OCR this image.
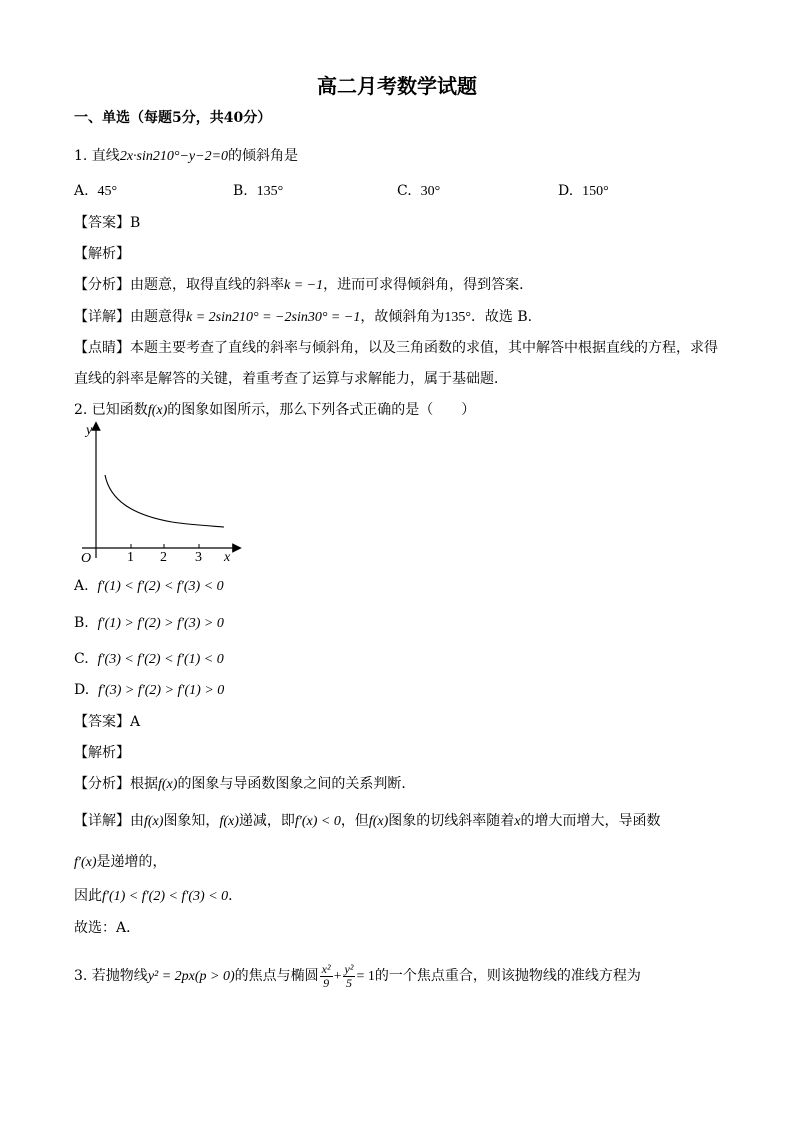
高二月考数学试题
一、单选（每题5分，共40分）
1. 直线2x·sin210°−y−2=0的倾斜角是
A. 45°	B. 135°	C. 30°	D. 150°
【答案】B
【解析】
【分析】由题意，取得直线的斜率k = −1，进而可求得倾斜角，得到答案．
【详解】由题意得k = 2sin210° = −2sin30° = −1，故倾斜角为135°．故选 B.
【点睛】本题主要考查了直线的斜率与倾斜角，以及三角函数的求值，其中解答中根据直线的方程，求得
直线的斜率是解答的关键，着重考查了运算与求解能力，属于基础题．
2. 已知函数f(x)的图象如图所示，那么下列各式正确的是（　　）
y
x
O	1 2 3
A. f′(1) < f′(2) < f′(3) < 0
B. f′(1) > f′(2) > f′(3) > 0
C. f′(3) < f′(2) < f′(1) < 0
D. f′(3) > f′(2) > f′(1) > 0
【答案】A
【解析】
【分析】根据f(x)的图象与导函数图象之间的关系判断．
【详解】由f(x)图象知，f(x)递减，即f′(x) < 0，但f(x)图象的切线斜率随着x的增大而增大，导函数
f′(x)是递增的，
因此f′(1) < f′(2) < f′(3) < 0．
故选：A．
3. 若抛物线y² = 2px(p > 0)的焦点与椭圆 $\frac{\text{x²}}{9} + \frac{\text{y²}}{5} = 1$的一个焦点重合，则该抛物线的准线方程为
